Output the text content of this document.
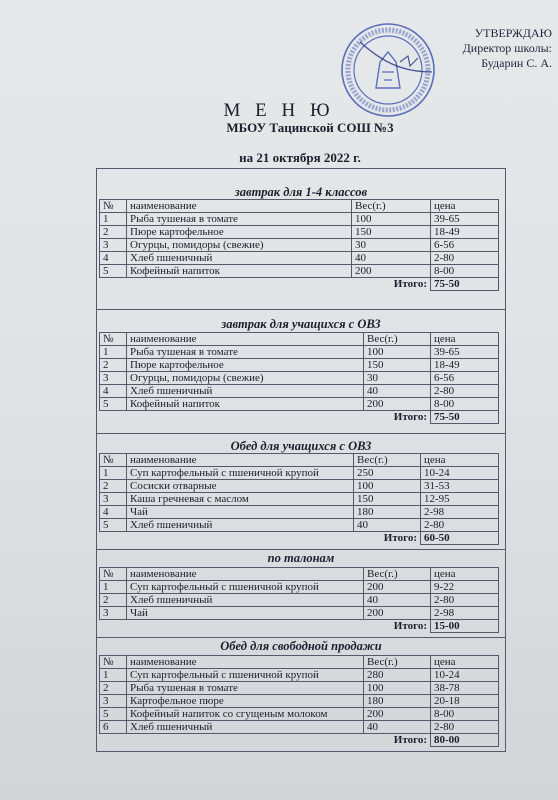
УТВЕРЖДАЮ
Директор школы:
Бударин С. А.
М Е Н Ю
МБОУ Тацинской СОШ №3
на 21 октября 2022 г.
завтрак для 1-4 классов
№	наименование	Вес(г.)	цена
1	Рыба тушеная в томате	100	39-65
2	Пюре картофельное	150	18-49
3	Огурцы, помидоры (свежие)	30	6-56
4	Хлеб пшеничный	40	2-80
5	Кофейный напиток	200	8-00
Итого:			75-50
завтрак для учащихся с ОВЗ
№	наименование	Вес(г.)	цена
1	Рыба тушеная в томате	100	39-65
2	Пюре картофельное	150	18-49
3	Огурцы, помидоры (свежие)	30	6-56
4	Хлеб пшеничный	40	2-80
5	Кофейный напиток	200	8-00
Итого:			75-50
Обед для учащихся с ОВЗ
№	наименование	Вес(г.)	цена
1	Суп картофельный с пшеничной крупой	250	10-24
2	Сосиски отварные	100	31-53
3	Каша гречневая с маслом	150	12-95
4	Чай	180	2-98
5	Хлеб пшеничный	40	2-80
Итого:			60-50
по талонам
№	наименование	Вес(г.)	цена
1	Суп картофельный с пшеничной крупой	200	9-22
2	Хлеб пшеничный	40	2-80
3	Чай	200	2-98
Итого:			15-00
Обед для свободной продажи
№	наименование	Вес(г.)	цена
1	Суп картофельный с пшеничной крупой	280	10-24
2	Рыба тушеная в томате	100	38-78
3	Картофельное пюре	180	20-18
5	Кофейный напиток со сгущеным молоком	200	8-00
6	Хлеб пшеничный	40	2-80
Итого:			80-00
